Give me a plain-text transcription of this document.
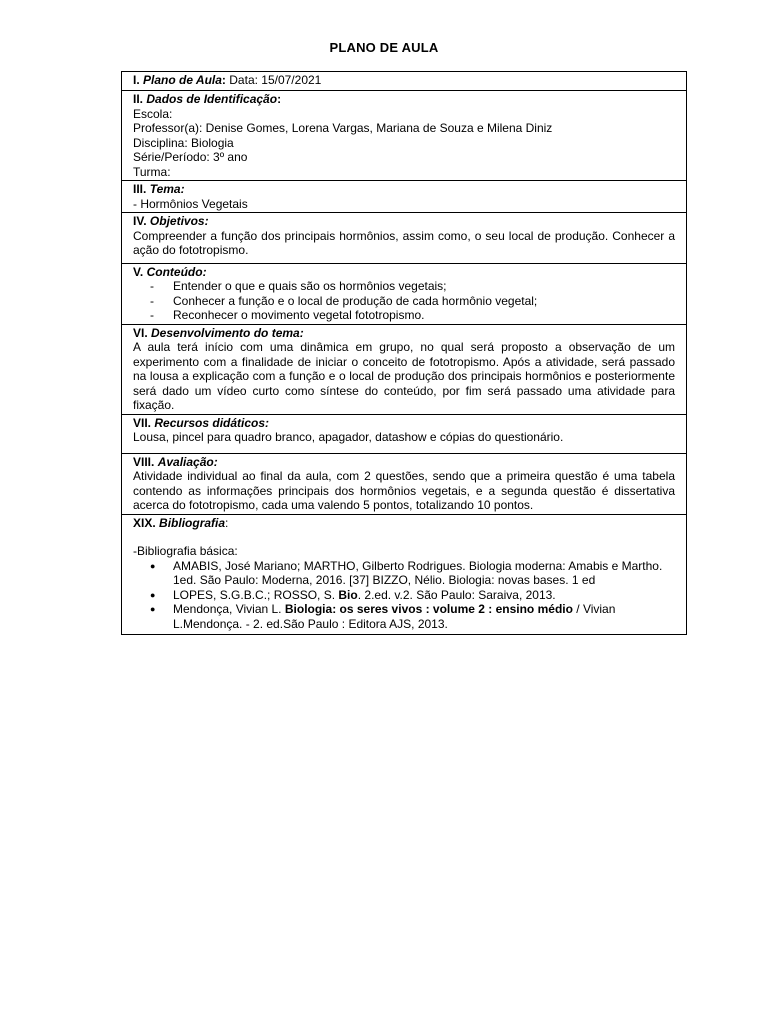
PLANO DE AULA
I. Plano de Aula: Data: 15/07/2021

II. Dados de Identificação:
Escola:
Professor(a): Denise Gomes, Lorena Vargas, Mariana de Souza e Milena Diniz
Disciplina: Biologia
Série/Período: 3º ano
Turma:

III. Tema:
- Hormônios Vegetais

IV. Objetivos:
Compreender a função dos principais hormônios, assim como, o seu local de produção. Conhecer a ação do fototropismo.

V. Conteúdo:
- Entender o que e quais são os hormônios vegetais;
- Conhecer a função e o local de produção de cada hormônio vegetal;
- Reconhecer o movimento vegetal fototropismo.

VI. Desenvolvimento do tema:
A aula terá início com uma dinâmica em grupo, no qual será proposto a observação de um experimento com a finalidade de iniciar o conceito de fototropismo. Após a atividade, será passado na lousa a explicação com a função e o local de produção dos principais hormônios e posteriormente será dado um vídeo curto como síntese do conteúdo, por fim será passado uma atividade para fixação.

VII. Recursos didáticos:
Lousa, pincel para quadro branco, apagador, datashow e cópias do questionário.

VIII. Avaliação:
Atividade individual ao final da aula, com 2 questões, sendo que a primeira questão é uma tabela contendo as informações principais dos hormônios vegetais, e a segunda questão é dissertativa acerca do fototropismo, cada uma valendo 5 pontos, totalizando 10 pontos.

XIX. Bibliografia:
-Bibliografia básica:
● AMABIS, José Mariano; MARTHO, Gilberto Rodrigues. Biologia moderna: Amabis e Martho. 1ed. São Paulo: Moderna, 2016. [37] BIZZO, Nélio. Biologia: novas bases. 1 ed
● LOPES, S.G.B.C.; ROSSO, S. Bio. 2.ed. v.2. São Paulo: Saraiva, 2013.
● Mendonça, Vivian L. Biologia: os seres vivos : volume 2 : ensino médio / Vivian L.Mendonça. - 2. ed.São Paulo : Editora AJS, 2013.
